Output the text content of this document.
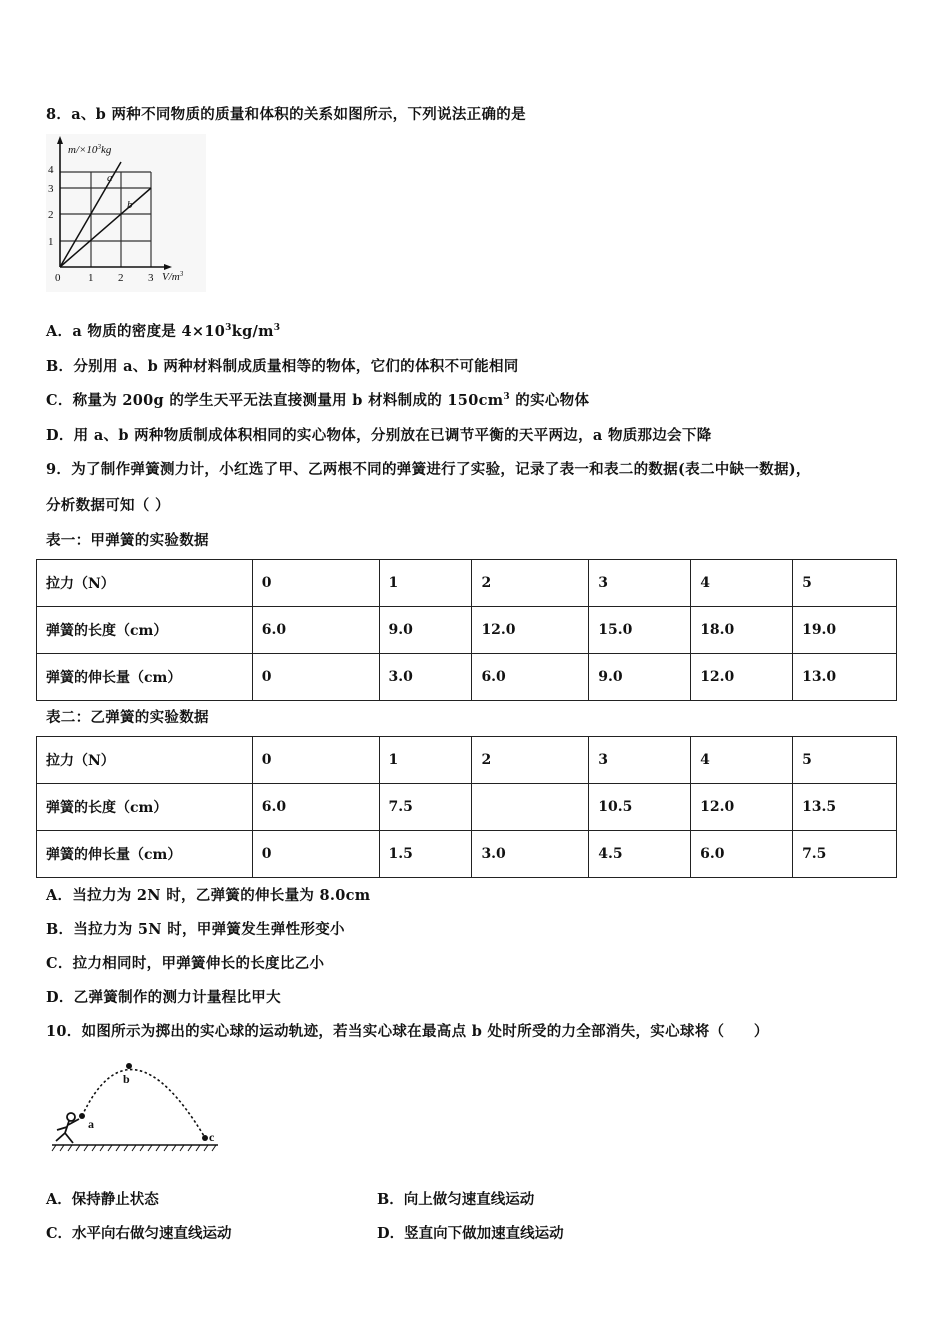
8．a、b 两种不同物质的质量和体积的关系如图所示，下列说法正确的是
$m/\times 10^3kg$
$V/m^3$
0	1 2 3
1
2
3
4
a
b
A．a 物质的密度是 $4\times 10^3kg/m^3$
B．分别用 a、b 两种材料制成质量相等的物体，它们的体积不可能相同
C．称量为 200g 的学生天平无法直接测量用 b 材料制成的 $150cm^3$ 的实心物体
D．用 a、b 两种物质制成体积相同的实心物体，分别放在已调节平衡的天平两边，a 物质那边会下降
9．为了制作弹簧测力计，小红选了甲、乙两根不同的弹簧进行了实验，记录了表一和表二的数据(表二中缺一数据)，
分析数据可知（ ）
表一：甲弹簧的实验数据
拉力（N）	0	1	2	3	4	5
弹簧的长度（cm）	6.0	9.0	12.0	15.0	18.0	19.0
弹簧的伸长量（cm）	0	3.0	6.0	9.0	12.0	13.0
表二：乙弹簧的实验数据
拉力（N）	0	1	2	3	4	5
弹簧的长度（cm）	6.0	7.5		10.5	12.0	13.5
弹簧的伸长量（cm）	0	1.5	3.0	4.5	6.0	7.5
A．当拉力为 2N 时，乙弹簧的伸长量为 8.0cm
B．当拉力为 5N 时，甲弹簧发生弹性形变小
C．拉力相同时，甲弹簧伸长的长度比乙小
D．乙弹簧制作的测力计量程比甲大
10．如图所示为掷出的实心球的运动轨迹，若当实心球在最高点 b 处时所受的力全部消失，实心球将（　　）
a
b
c
A．保持静止状态	B．向上做匀速直线运动
C．水平向右做匀速直线运动	D．竖直向下做加速直线运动
